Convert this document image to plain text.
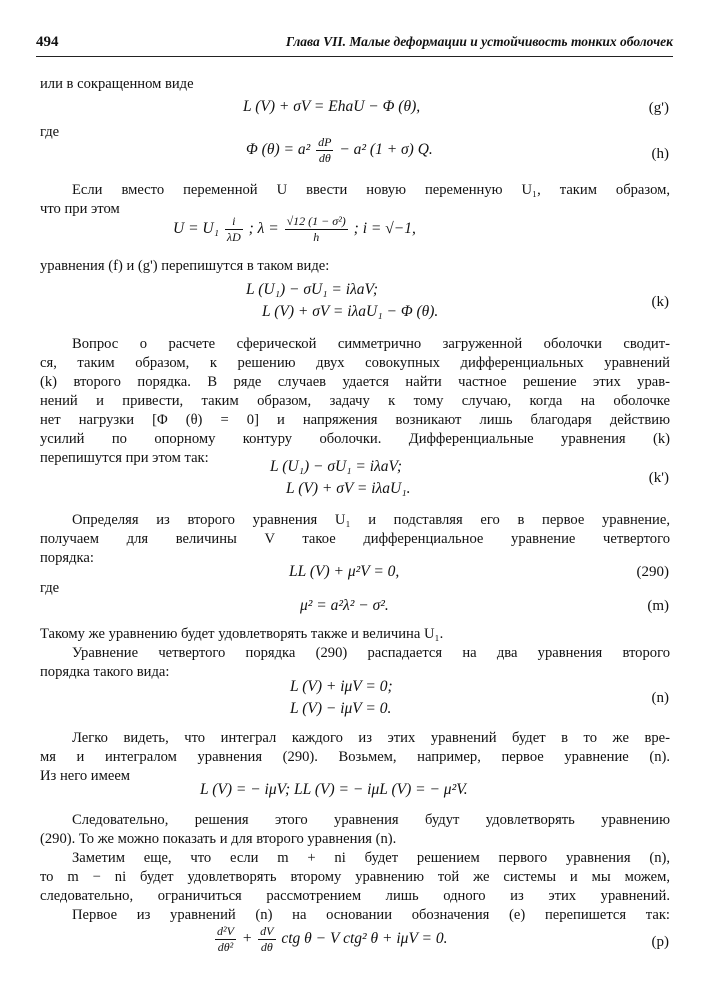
494	Глава VII. Малые деформации и устойчивость тонких оболочек
или в сокращенном виде
L (V) + σV = EhaU − Φ (θ),	(g')
где
Φ $(\theta) = a^2 \frac{dP}{d\theta} - a^2$ (1 + σ) Q.	(h)
Если вместо переменной U ввести новую переменную U₁, таким образом,
что при этом
$U = U_1 \frac{i}{\lambda D}$ ; $\lambda = \frac{\text{√12 (1 − σ²)}}{h}$ ; i = √−1,
уравнения (f) и (g') перепишутся в таком виде:
L (U₁) − σU₁ = iλaV;
L (V) + σV = iλaU₁ − Φ (θ).
(k)
Вопрос о расчете сферической симметрично загруженной оболочки сводит-
ся, таким образом, к решению двух совокупных дифференциальных уравнений
(k) второго порядка. В ряде случаев удается найти частное решение этих урав-
нений и привести, таким образом, задачу к тому случаю, когда на оболочке
нет нагрузки [Φ (θ) = 0] и напряжения возникают лишь благодаря действию
усилий по опорному контуру оболочки. Дифференциальные уравнения (k)
перепишутся при этом так:	L (U₁) − σU₁ = iλaV;
L (V) + σV = iλaU₁.
(k')
Определяя из второго уравнения U₁ и подставляя его в первое уравнение,
получаем для величины V такое дифференциальное уравнение четвертого
порядка:
LL (V) + μ²V = 0,	(290)
где
μ² = a²λ² − σ².	(m)
Такому же уравнению будет удовлетворять также и величина U₁.
Уравнение четвертого порядка (290) распадается на два уравнения второго
порядка такого вида:
L (V) + iμV = 0;
L (V) − iμV = 0.
(n)
Легко видеть, что интеграл каждого из этих уравнений будет в то же вре-
мя и интегралом уравнения (290). Возьмем, например, первое уравнение (n).
Из него имеем
L (V) = − iμV; LL (V) = − iμL (V) = − μ²V.
Следовательно, решения этого уравнения будут удовлетворять уравнению
(290). То же можно показать и для второго уравнения (n).
Заметим еще, что если m + ni будет решением первого уравнения (n),
то m − ni будет удовлетворять второму уравнению той же системы и мы можем,
следовательно, ограничиться рассмотрением лишь одного из этих уравнений.
Первое из уравнений (n) на основании обозначения (e) перепишется так:
$\frac{\text{d²V}}{\text{dθ²}} + \frac{dV}{d\theta}$ ctg θ − V ctg² θ + iμV = 0.	(p)
